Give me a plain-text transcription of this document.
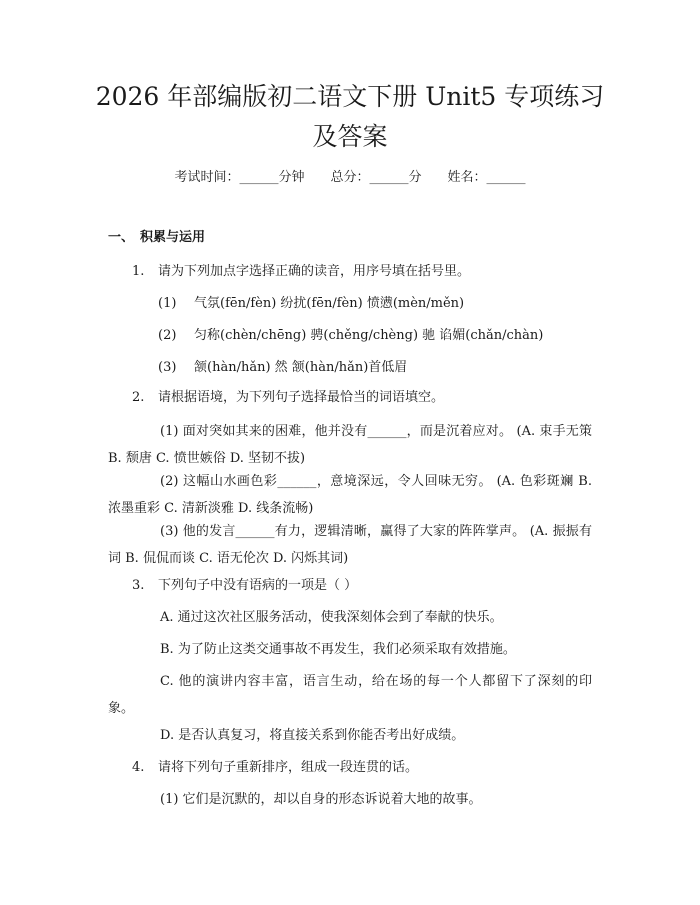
2026 年部编版初二语文下册 Unit5 专项练习及答案
考试时间：______分钟 总分：______分 姓名：______
一、 积累与运用
1. 请为下列加点字选择正确的读音，用序号填在括号里。
(1) 气氛(fēn/fèn) 纷扰(fēn/fèn) 愤懑(mèn/měn)
(2) 匀称(chèn/chēng) 骋(chěng/chèng) 驰 谄媚(chǎn/chàn)
(3) 颔(hàn/hǎn) 然 颔(hàn/hǎn)首低眉
2. 请根据语境，为下列句子选择最恰当的词语填空。
(1) 面对突如其来的困难，他并没有______，而是沉着应对。 (A. 束手无策 B. 颓唐 C. 愤世嫉俗 D. 坚韧不拔)
(2) 这幅山水画色彩______，意境深远，令人回味无穷。 (A. 色彩斑斓 B. 浓墨重彩 C. 清新淡雅 D. 线条流畅)
(3) 他的发言______有力，逻辑清晰，赢得了大家的阵阵掌声。 (A. 振振有词 B. 侃侃而谈 C. 语无伦次 D. 闪烁其词)
3. 下列句子中没有语病的一项是（ ）
A. 通过这次社区服务活动，使我深刻体会到了奉献的快乐。
B. 为了防止这类交通事故不再发生，我们必须采取有效措施。
C. 他的演讲内容丰富，语言生动，给在场的每一个人都留下了深刻的印象。
D. 是否认真复习，将直接关系到你能否考出好成绩。
4. 请将下列句子重新排序，组成一段连贯的话。
(1) 它们是沉默的，却以自身的形态诉说着大地的故事。
